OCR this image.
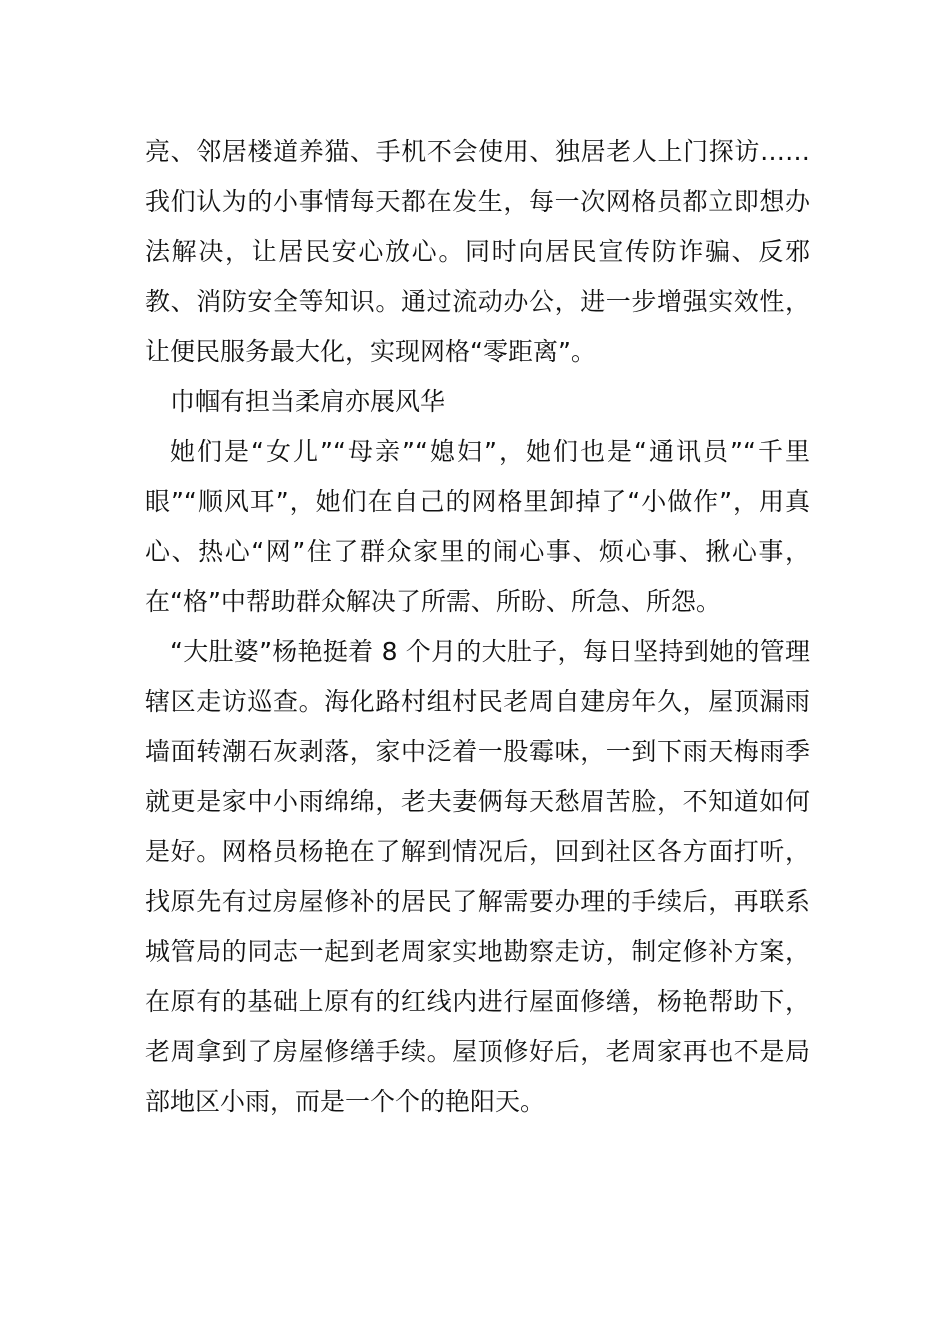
亮、邻居楼道养猫、手机不会使用、独居老人上门探访……我们认为的小事情每天都在发生，每一次网格员都立即想办法解决，让居民安心放心。同时向居民宣传防诈骗、反邪教、消防安全等知识。通过流动办公，进一步增强实效性，让便民服务最大化，实现网格“零距离”。

巾帼有担当柔肩亦展风华

她们是“女儿”“母亲”“媳妇”，她们也是“通讯员”“千里眼”“顺风耳”，她们在自己的网格里卸掉了“小做作”，用真心、热心“网”住了群众家里的闹心事、烦心事、揪心事，在“格”中帮助群众解决了所需、所盼、所急、所怨。

“大肚婆”杨艳挺着 8 个月的大肚子，每日坚持到她的管理辖区走访巡查。海化路村组村民老周自建房年久，屋顶漏雨墙面转潮石灰剥落，家中泛着一股霉味，一到下雨天梅雨季就更是家中小雨绵绵，老夫妻俩每天愁眉苦脸，不知道如何是好。网格员杨艳在了解到情况后，回到社区各方面打听，找原先有过房屋修补的居民了解需要办理的手续后，再联系城管局的同志一起到老周家实地勘察走访，制定修补方案，在原有的基础上原有的红线内进行屋面修缮，杨艳帮助下，老周拿到了房屋修缮手续。屋顶修好后，老周家再也不是局部地区小雨，而是一个个的艳阳天。
